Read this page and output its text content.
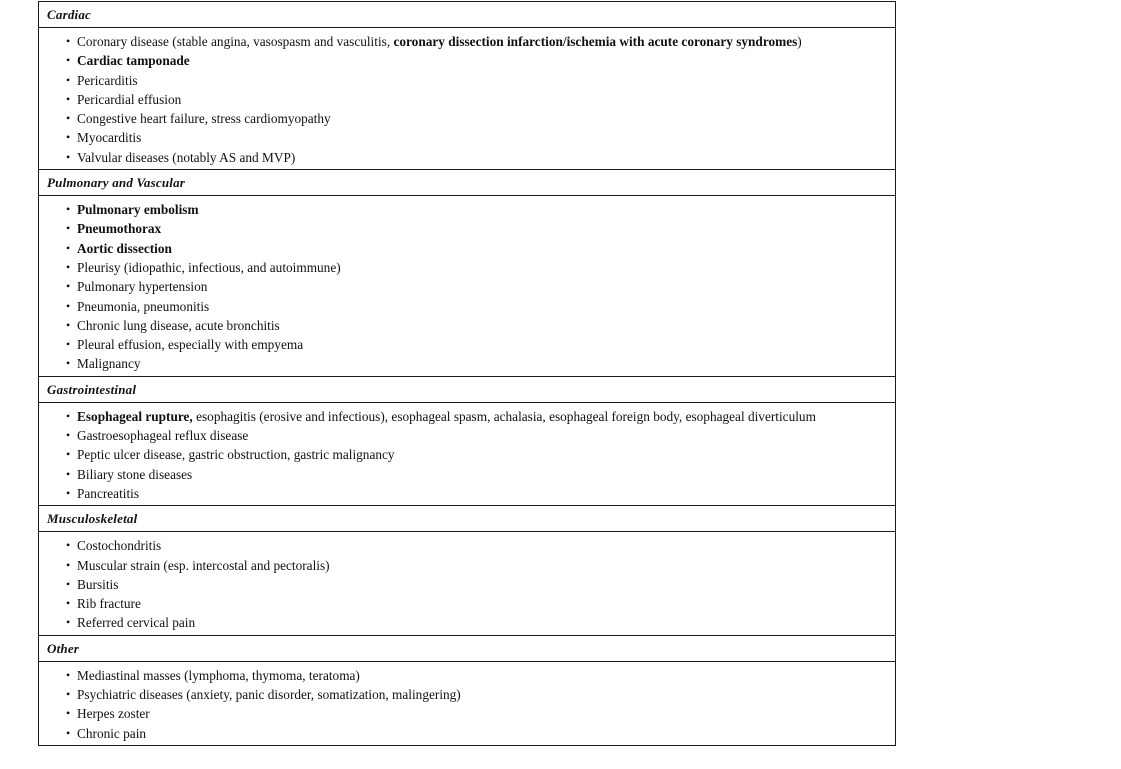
Cardiac
• Coronary disease (stable angina, vasospasm and vasculitis, coronary dissection infarction/ischemia with acute coronary syndromes)
• Cardiac tamponade
• Pericarditis
• Pericardial effusion
• Congestive heart failure, stress cardiomyopathy
• Myocarditis
• Valvular diseases (notably AS and MVP)
Pulmonary and Vascular
• Pulmonary embolism
• Pneumothorax
• Aortic dissection
• Pleurisy (idiopathic, infectious, and autoimmune)
• Pulmonary hypertension
• Pneumonia, pneumonitis
• Chronic lung disease, acute bronchitis
• Pleural effusion, especially with empyema
• Malignancy
Gastrointestinal
• Esophageal rupture, esophagitis (erosive and infectious), esophageal spasm, achalasia, esophageal foreign body, esophageal diverticulum
• Gastroesophageal reflux disease
• Peptic ulcer disease, gastric obstruction, gastric malignancy
• Biliary stone diseases
• Pancreatitis
Musculoskeletal
• Costochondritis
• Muscular strain (esp. intercostal and pectoralis)
• Bursitis
• Rib fracture
• Referred cervical pain
Other
• Mediastinal masses (lymphoma, thymoma, teratoma)
• Psychiatric diseases (anxiety, panic disorder, somatization, malingering)
• Herpes zoster
• Chronic pain
